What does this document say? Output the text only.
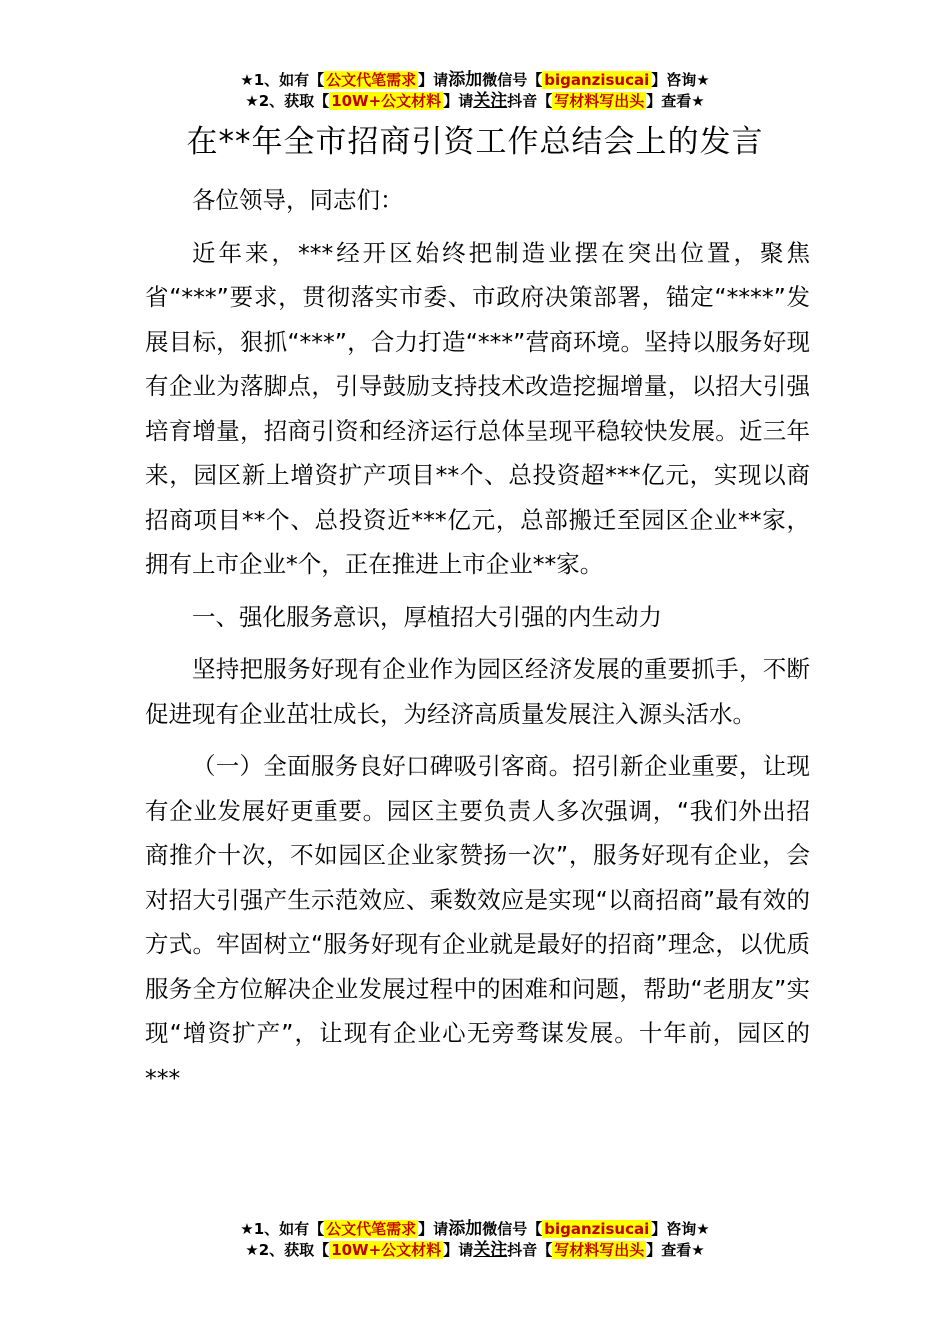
★1、如有【 公文代笔需求 】请添加微信号【 biganzisucai 】咨询★
★2、获取【 10W+公文材料 】请关注抖音【 写材料写出头 】查看★
在**年全市招商引资工作总结会上的发言

各位领导，同志们：

近年来，***经开区始终把制造业摆在突出位置，聚焦省“***”要求，贯彻落实市委、市政府决策部署，锚定“****”发展目标，狠抓“***”，合力打造“***”营商环境。坚持以服务好现有企业为落脚点，引导鼓励支持技术改造挖掘增量，以招大引强培育增量，招商引资和经济运行总体呈现平稳较快发展。近三年来，园区新上增资扩产项目**个、总投资超***亿元，实现以商招商项目**个、总投资近***亿元，总部搬迁至园区企业**家，拥有上市企业*个，正在推进上市企业**家。

一、强化服务意识，厚植招大引强的内生动力

坚持把服务好现有企业作为园区经济发展的重要抓手，不断促进现有企业茁壮成长，为经济高质量发展注入源头活水。

（一）全面服务良好口碑吸引客商。招引新企业重要，让现有企业发展好更重要。园区主要负责人多次强调，“我们外出招商推介十次，不如园区企业家赞扬一次”，服务好现有企业，会对招大引强产生示范效应、乘数效应是实现“以商招商”最有效的方式。牢固树立“服务好现有企业就是最好的招商”理念，以优质服务全方位解决企业发展过程中的困难和问题，帮助“老朋友”实现“增资扩产”，让现有企业心无旁骛谋发展。十年前，园区的***

★1、如有【 公文代笔需求 】请添加微信号【 biganzisucai 】咨询★
★2、获取【 10W+公文材料 】请关注抖音【 写材料写出头 】查看★
